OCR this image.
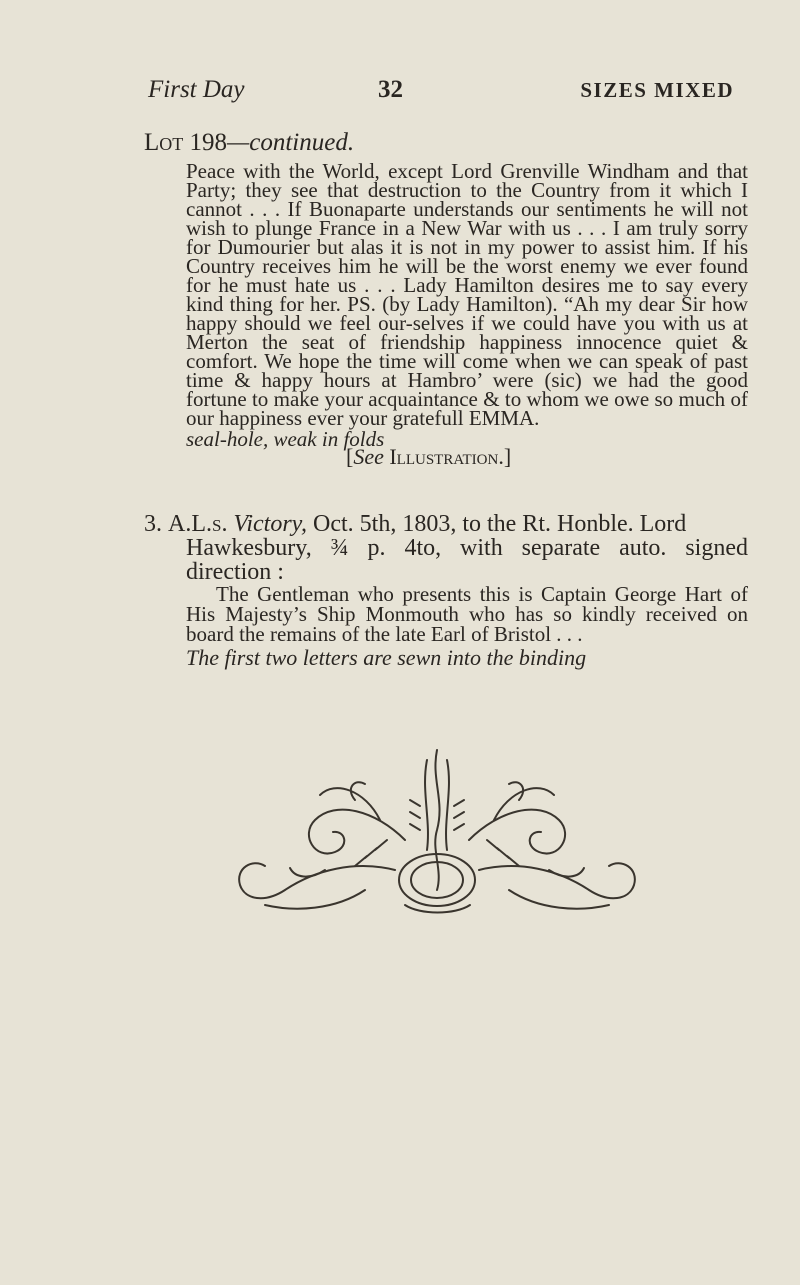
First Day	32	SIZES MIXED
Lot 198—continued.

Peace with the World, except Lord Grenville Windham and that Party; they see that destruction to the Country from it which I cannot . . . If Buonaparte understands our sentiments he will not wish to plunge France in a New War with us . . . I am truly sorry for Dumourier but alas it is not in my power to assist him. If his Country receives him he will be the worst enemy we ever found for he must hate us . . . Lady Hamilton desires me to say every kind thing for her. PS. (by Lady Hamilton). “Ah my dear Sir how happy should we feel our-selves if we could have you with us at Merton the seat of friendship happiness innocence quiet & comfort. We hope the time will come when we can speak of past time & happy hours at Hambro’ were (sic) we had the good fortune to make your acquaintance & to whom we owe so much of our happiness ever your gratefull EMMA.

seal-hole, weak in folds

[See Illustration.]

3. A.L.s. Victory, Oct. 5th, 1803, to the Rt. Honble. Lord

Hawkesbury, ¾ p. 4to, with separate auto. signed direction :

The Gentleman who presents this is Captain George Hart of His Majesty’s Ship Monmouth who has so kindly received on board the remains of the late Earl of Bristol . . .

The first two letters are sewn into the binding
